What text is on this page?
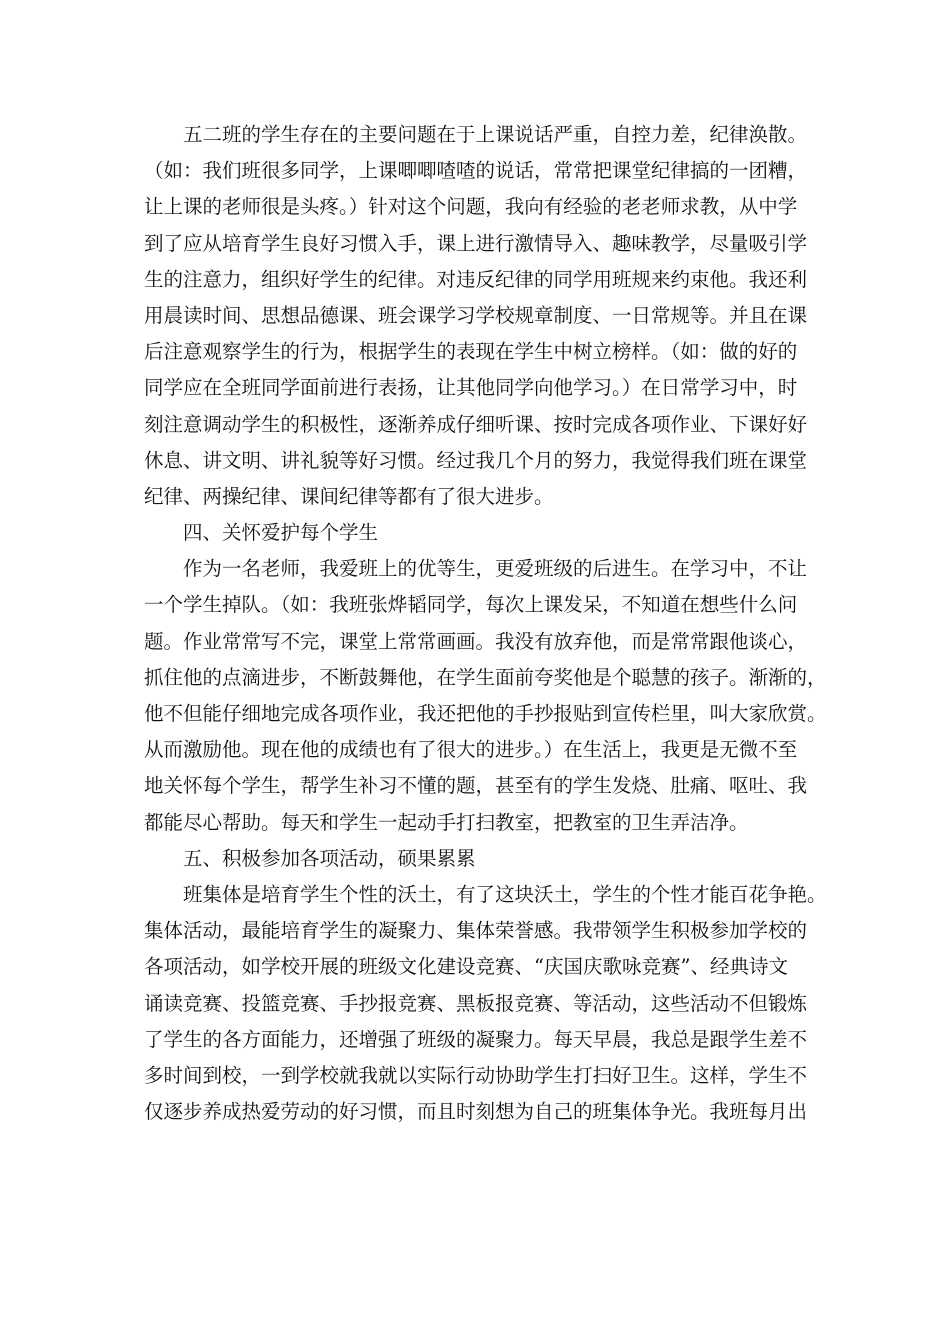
五二班的学生存在的主要问题在于上课说话严重，自控力差，纪律涣散。
（如：我们班很多同学，上课唧唧喳喳的说话，常常把课堂纪律搞的一团糟，
让上课的老师很是头疼。）针对这个问题，我向有经验的老老师求教，从中学
到了应从培育学生良好习惯入手，课上进行激情导入、趣味教学，尽量吸引学
生的注意力，组织好学生的纪律。对违反纪律的同学用班规来约束他。我还利
用晨读时间、思想品德课、班会课学习学校规章制度、一日常规等。并且在课
后注意观察学生的行为，根据学生的表现在学生中树立榜样。（如：做的好的
同学应在全班同学面前进行表扬，让其他同学向他学习。）在日常学习中，时
刻注意调动学生的积极性，逐渐养成仔细听课、按时完成各项作业、下课好好
休息、讲文明、讲礼貌等好习惯。经过我几个月的努力，我觉得我们班在课堂
纪律、两操纪律、课间纪律等都有了很大进步。
四、关怀爱护每个学生
作为一名老师，我爱班上的优等生，更爱班级的后进生。在学习中，不让
一个学生掉队。（如：我班张烨韬同学，每次上课发呆，不知道在想些什么问
题。作业常常写不完，课堂上常常画画。我没有放弃他，而是常常跟他谈心，
抓住他的点滴进步，不断鼓舞他，在学生面前夸奖他是个聪慧的孩子。渐渐的，
他不但能仔细地完成各项作业，我还把他的手抄报贴到宣传栏里，叫大家欣赏。
从而激励他。现在他的成绩也有了很大的进步。）在生活上，我更是无微不至
地关怀每个学生，帮学生补习不懂的题，甚至有的学生发烧、肚痛、呕吐、我
都能尽心帮助。每天和学生一起动手打扫教室，把教室的卫生弄洁净。
五、积极参加各项活动，硕果累累
班集体是培育学生个性的沃土，有了这块沃土，学生的个性才能百花争艳。
集体活动，最能培育学生的凝聚力、集体荣誉感。我带领学生积极参加学校的
各项活动，如学校开展的班级文化建设竞赛、“庆国庆歌咏竞赛”、经典诗文
诵读竞赛、投篮竞赛、手抄报竞赛、黑板报竞赛、等活动，这些活动不但锻炼
了学生的各方面能力，还增强了班级的凝聚力。每天早晨，我总是跟学生差不
多时间到校，一到学校就我就以实际行动协助学生打扫好卫生。这样，学生不
仅逐步养成热爱劳动的好习惯，而且时刻想为自己的班集体争光。我班每月出
